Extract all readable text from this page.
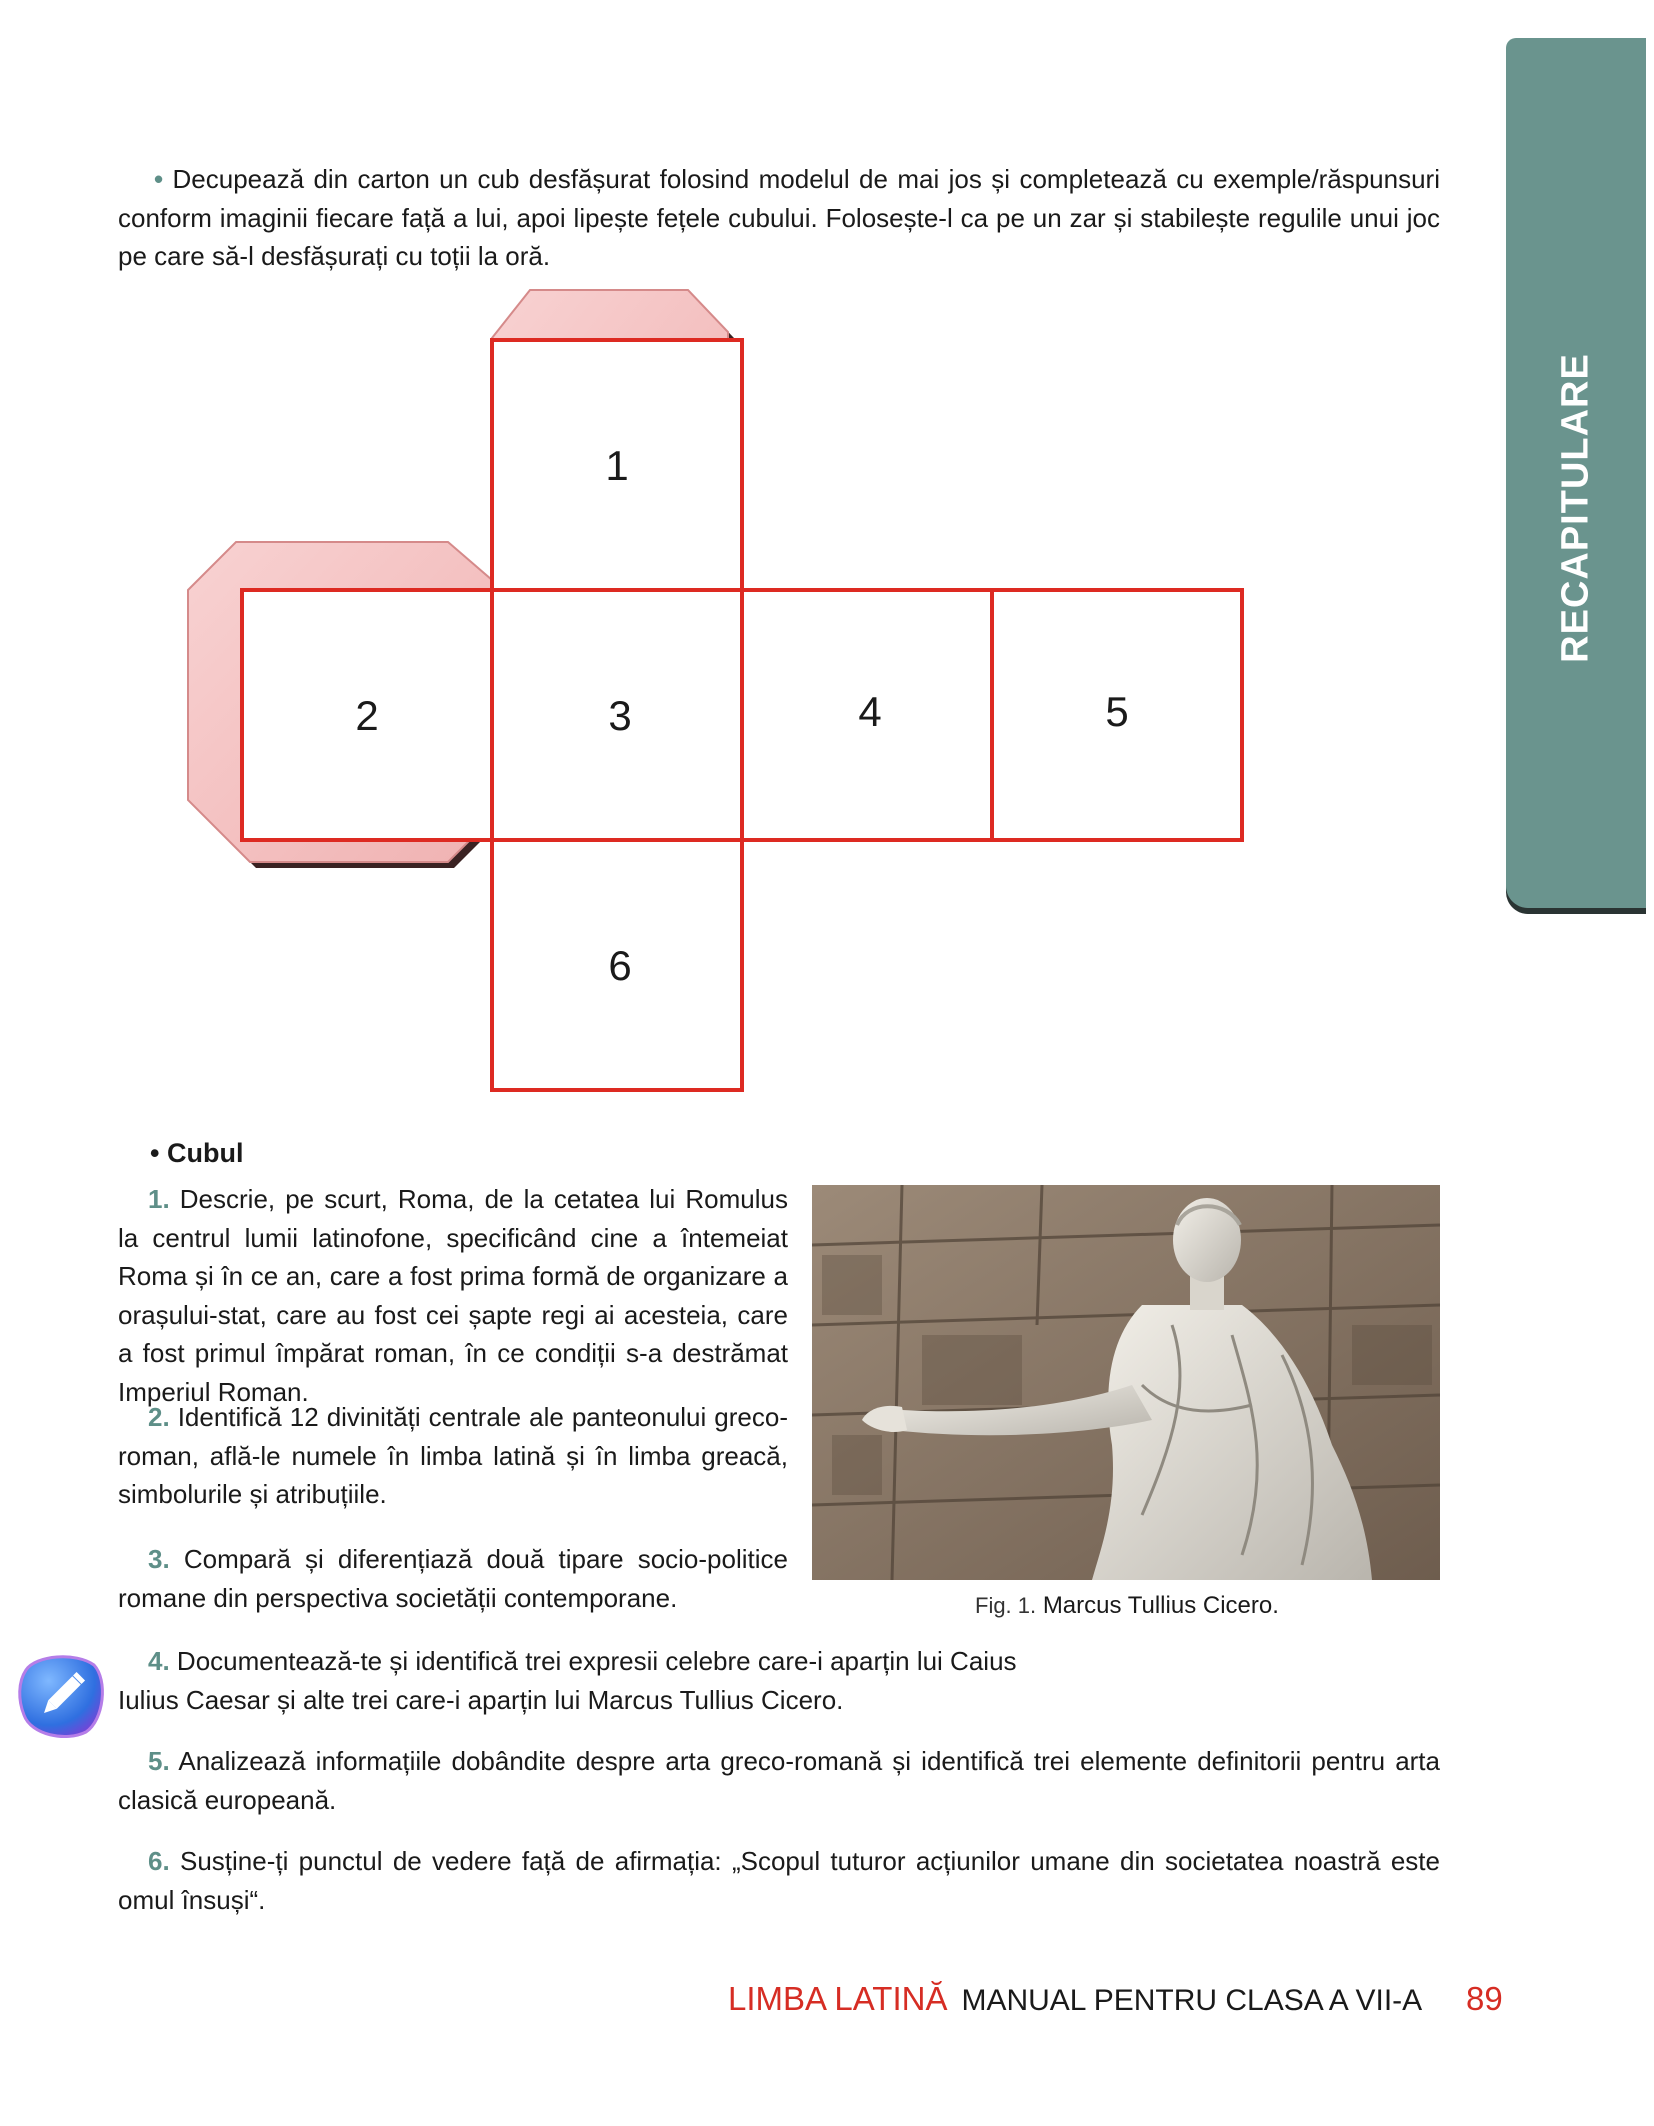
RECAPITULARE

• Decupează din carton un cub desfășurat folosind modelul de mai jos și completează cu exemple/răspunsuri conform imaginii fiecare față a lui, apoi lipește fețele cubului. Folosește-l ca pe un zar și stabilește regulile unui joc pe care să-l desfășurați cu toții la oră.

1
2	3	4	5
6
• Cubul

1. Descrie, pe scurt, Roma, de la cetatea lui Romulus la centrul lumii latinofone, specificând cine a întemeiat Roma și în ce an, care a fost prima formă de organizare a orașului-stat, care au fost cei șapte regi ai acesteia, care a fost primul împărat roman, în ce condiții s-a destrămat Imperiul Roman.

2. Identifică 12 divinități centrale ale panteonului greco-roman, află-le numele în limba latină și în limba greacă, simbolurile și atribuțiile.

3. Compară și diferențiază două tipare socio-politice romane din perspectiva societății contemporane.

4. Documentează-te și identifică trei expresii celebre care-i aparțin lui Caius Iulius Caesar și alte trei care-i aparțin lui Marcus Tullius Cicero.

5. Analizează informațiile dobândite despre arta greco-romană și identifică trei elemente definitorii pentru arta clasică europeană.

6. Susține-ți punctul de vedere față de afirmația: „Scopul tuturor acțiunilor umane din societatea noastră este omul însuși“.

Fig. 1. Marcus Tullius Cicero.
LIMBA LATINĂ MANUAL PENTRU CLASA A VII-A 89
